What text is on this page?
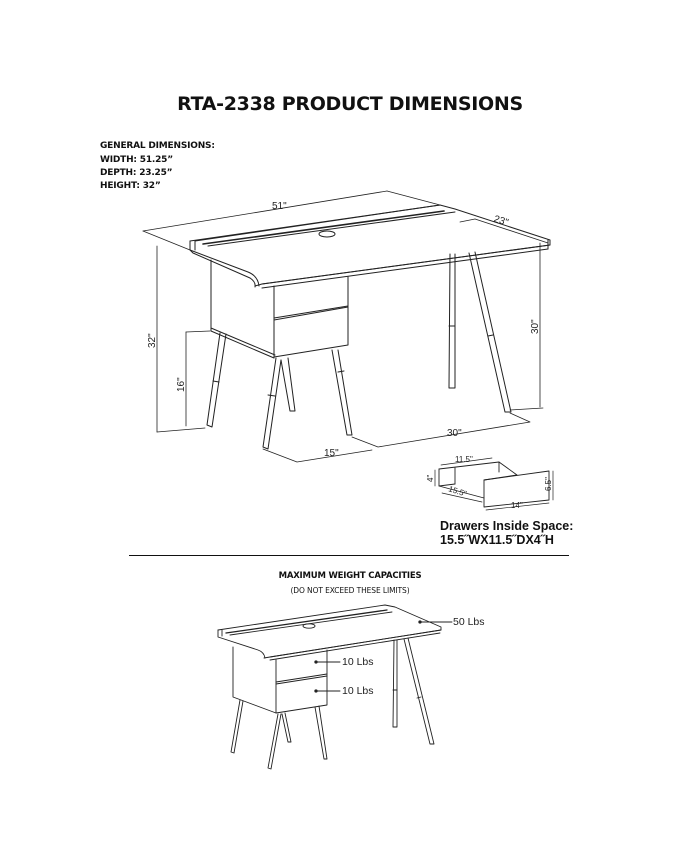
RTA-2338 PRODUCT DIMENSIONS
GENERAL DIMENSIONS:
WIDTH: 51.25”
DEPTH: 23.25”
HEIGHT: 32”
51"
23"
32"
16"
30"
15"
30"
11.5"
4"
15.5"
6.5"
14"
Drawers Inside Space:
15.5˝WX11.5˝DX4˝H
MAXIMUM WEIGHT CAPACITIES
(DO NOT EXCEED THESE LIMITS)
50 Lbs
10 Lbs
10 Lbs
